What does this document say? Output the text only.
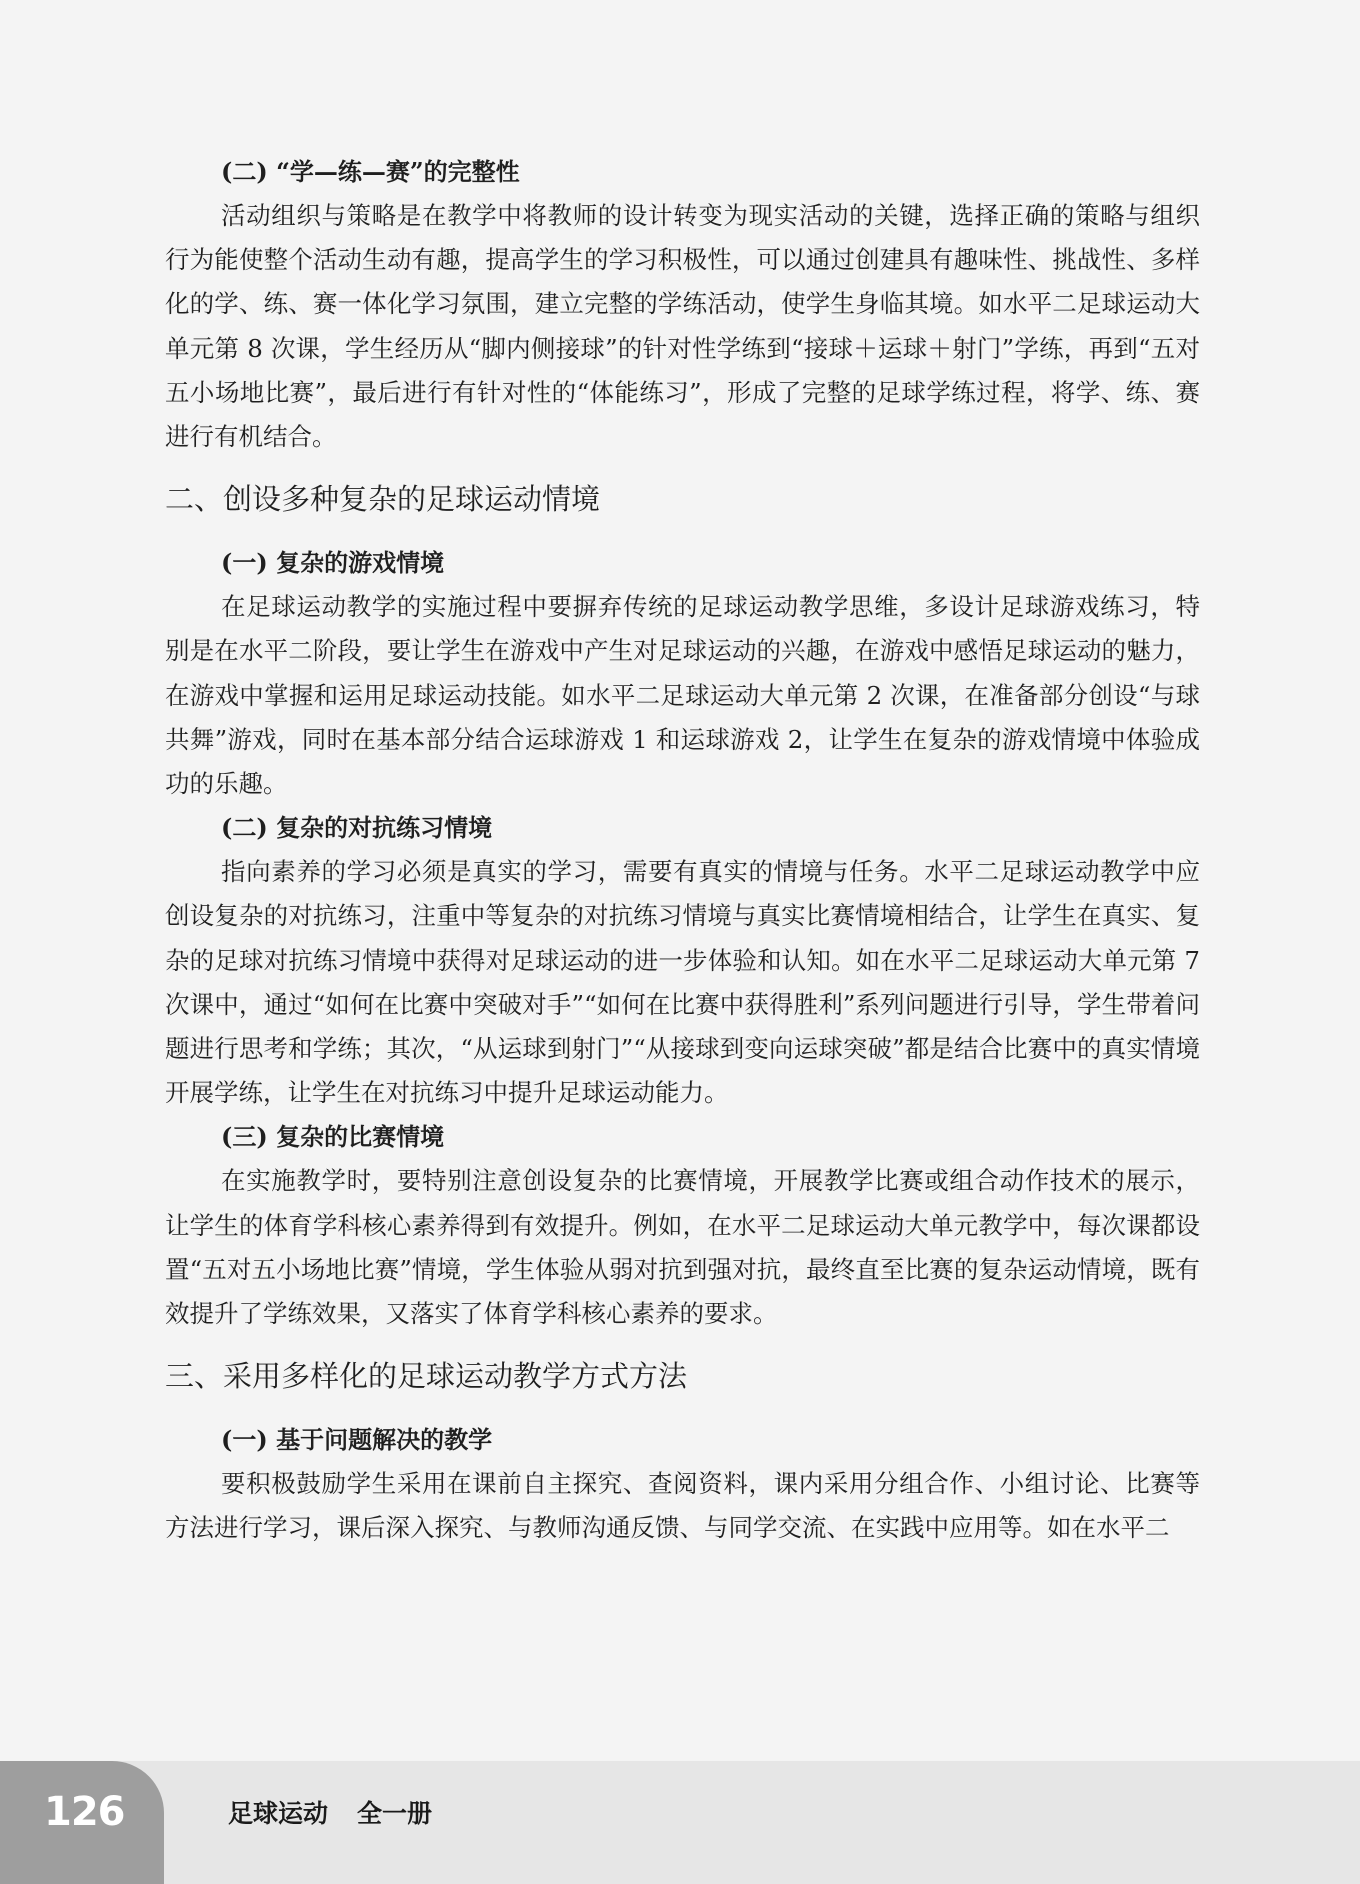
(二) “学—练—赛”的完整性

活动组织与策略是在教学中将教师的设计转变为现实活动的关键，选择正确的策略与组织行为能使整个活动生动有趣，提高学生的学习积极性，可以通过创建具有趣味性、挑战性、多样化的学、练、赛一体化学习氛围，建立完整的学练活动，使学生身临其境。如水平二足球运动大单元第 8 次课，学生经历从“脚内侧接球”的针对性学练到“接球＋运球＋射门”学练，再到“五对五小场地比赛”，最后进行有针对性的“体能练习”，形成了完整的足球学练过程，将学、练、赛进行有机结合。

二、创设多种复杂的足球运动情境

(一) 复杂的游戏情境

在足球运动教学的实施过程中要摒弃传统的足球运动教学思维，多设计足球游戏练习，特别是在水平二阶段，要让学生在游戏中产生对足球运动的兴趣，在游戏中感悟足球运动的魅力，在游戏中掌握和运用足球运动技能。如水平二足球运动大单元第 2 次课，在准备部分创设“与球共舞”游戏，同时在基本部分结合运球游戏 1 和运球游戏 2，让学生在复杂的游戏情境中体验成功的乐趣。

(二) 复杂的对抗练习情境

指向素养的学习必须是真实的学习，需要有真实的情境与任务。水平二足球运动教学中应创设复杂的对抗练习，注重中等复杂的对抗练习情境与真实比赛情境相结合，让学生在真实、复杂的足球对抗练习情境中获得对足球运动的进一步体验和认知。如在水平二足球运动大单元第 7 次课中，通过“如何在比赛中突破对手”“如何在比赛中获得胜利”系列问题进行引导，学生带着问题进行思考和学练；其次，“从运球到射门”“从接球到变向运球突破”都是结合比赛中的真实情境开展学练，让学生在对抗练习中提升足球运动能力。

(三) 复杂的比赛情境

在实施教学时，要特别注意创设复杂的比赛情境，开展教学比赛或组合动作技术的展示，让学生的体育学科核心素养得到有效提升。例如，在水平二足球运动大单元教学中，每次课都设置“五对五小场地比赛”情境，学生体验从弱对抗到强对抗，最终直至比赛的复杂运动情境，既有效提升了学练效果，又落实了体育学科核心素养的要求。

三、采用多样化的足球运动教学方式方法

(一) 基于问题解决的教学

要积极鼓励学生采用在课前自主探究、查阅资料，课内采用分组合作、小组讨论、比赛等方法进行学习，课后深入探究、与教师沟通反馈、与同学交流、在实践中应用等。如在水平二

126	足球运动 全一册
